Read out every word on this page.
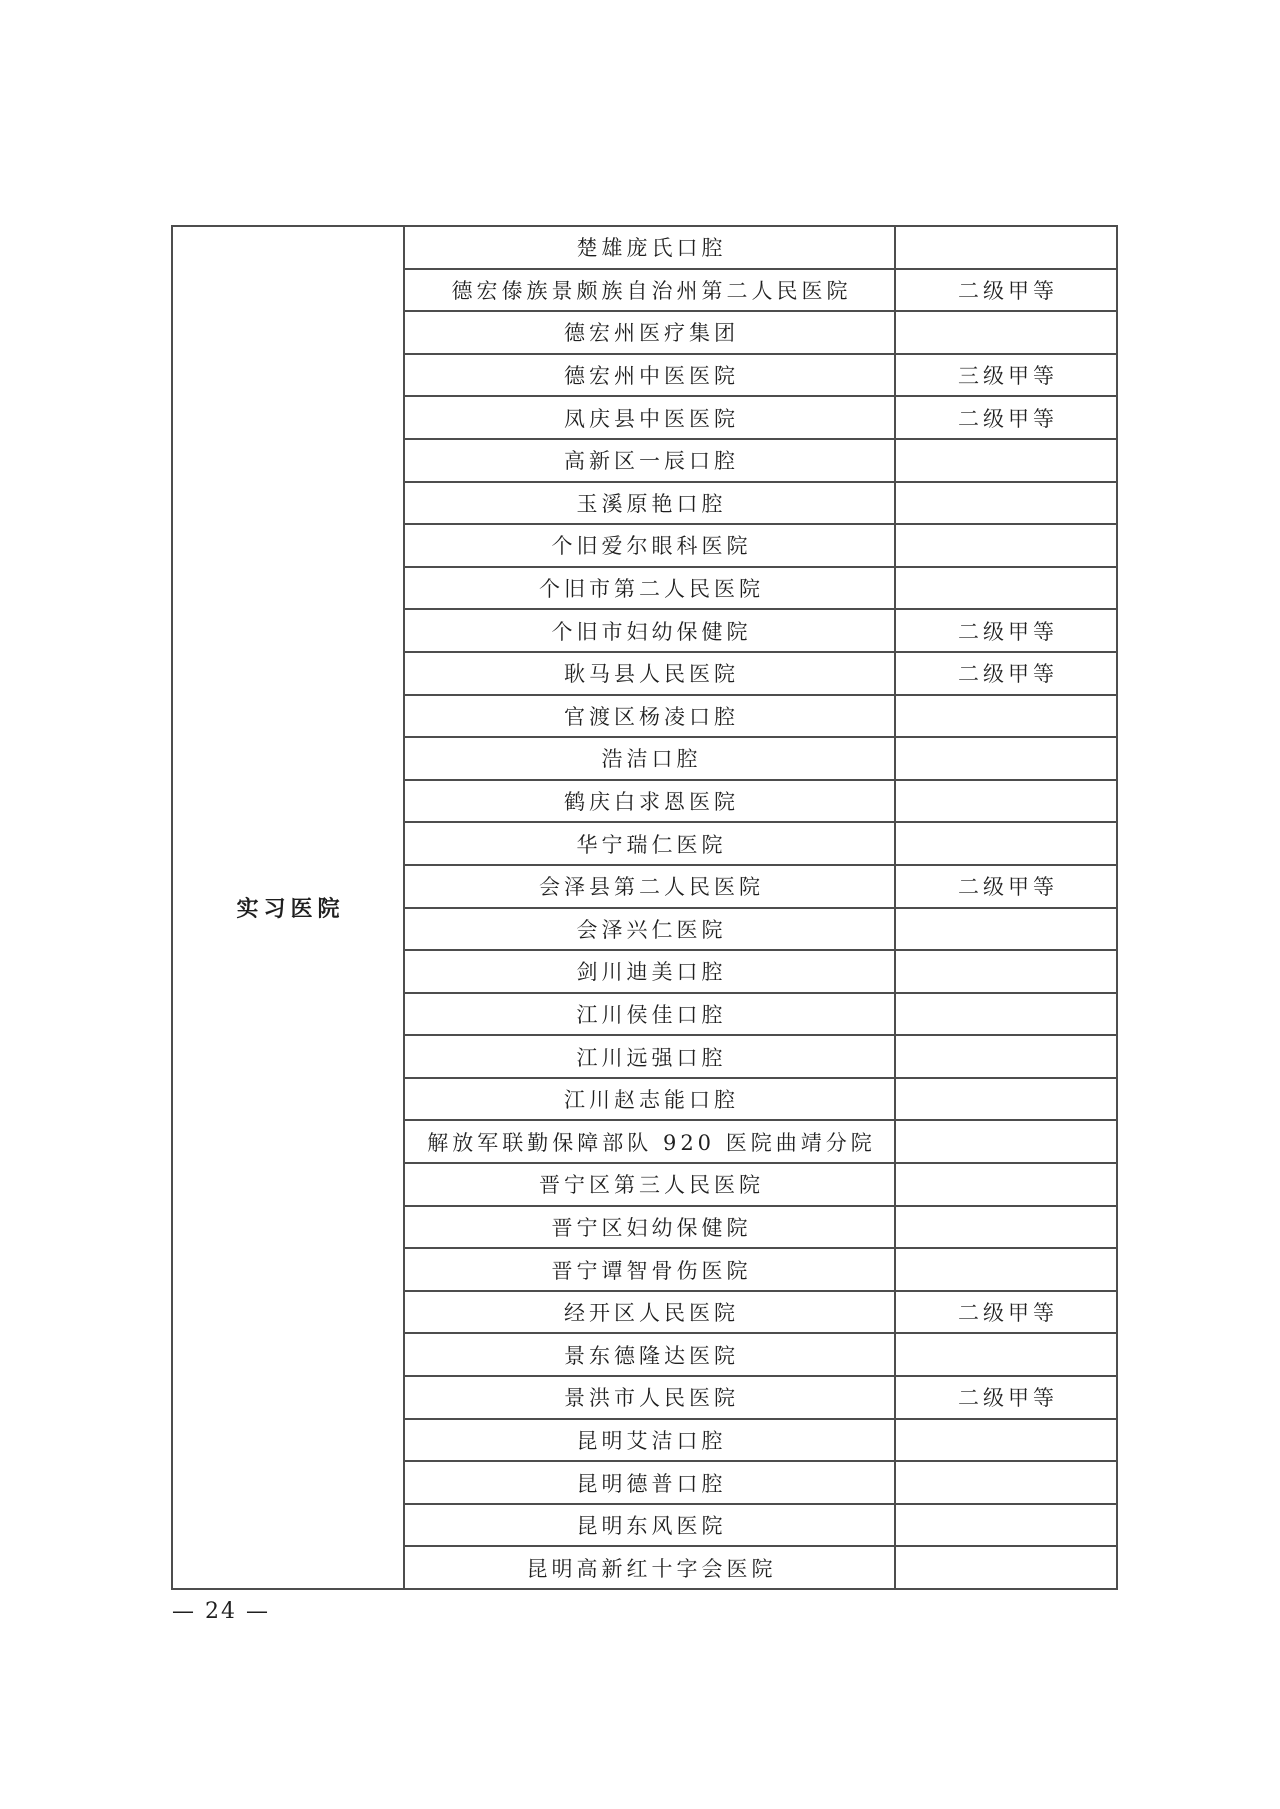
实习医院
楚雄庞氏口腔
德宏傣族景颇族自治州第二人民医院	二级甲等
德宏州医疗集团
德宏州中医医院	三级甲等
凤庆县中医医院	二级甲等
高新区一辰口腔
玉溪原艳口腔
个旧爱尔眼科医院
个旧市第二人民医院
个旧市妇幼保健院	二级甲等
耿马县人民医院	二级甲等
官渡区杨凌口腔
浩洁口腔
鹤庆白求恩医院
华宁瑞仁医院
会泽县第二人民医院	二级甲等
会泽兴仁医院
剑川迪美口腔
江川侯佳口腔
江川远强口腔
江川赵志能口腔
解放军联勤保障部队 920 医院曲靖分院
晋宁区第三人民医院
晋宁区妇幼保健院
晋宁谭智骨伤医院
经开区人民医院	二级甲等
景东德隆达医院
景洪市人民医院	二级甲等
昆明艾洁口腔
昆明德普口腔
昆明东风医院
昆明高新红十字会医院
— 24 —
